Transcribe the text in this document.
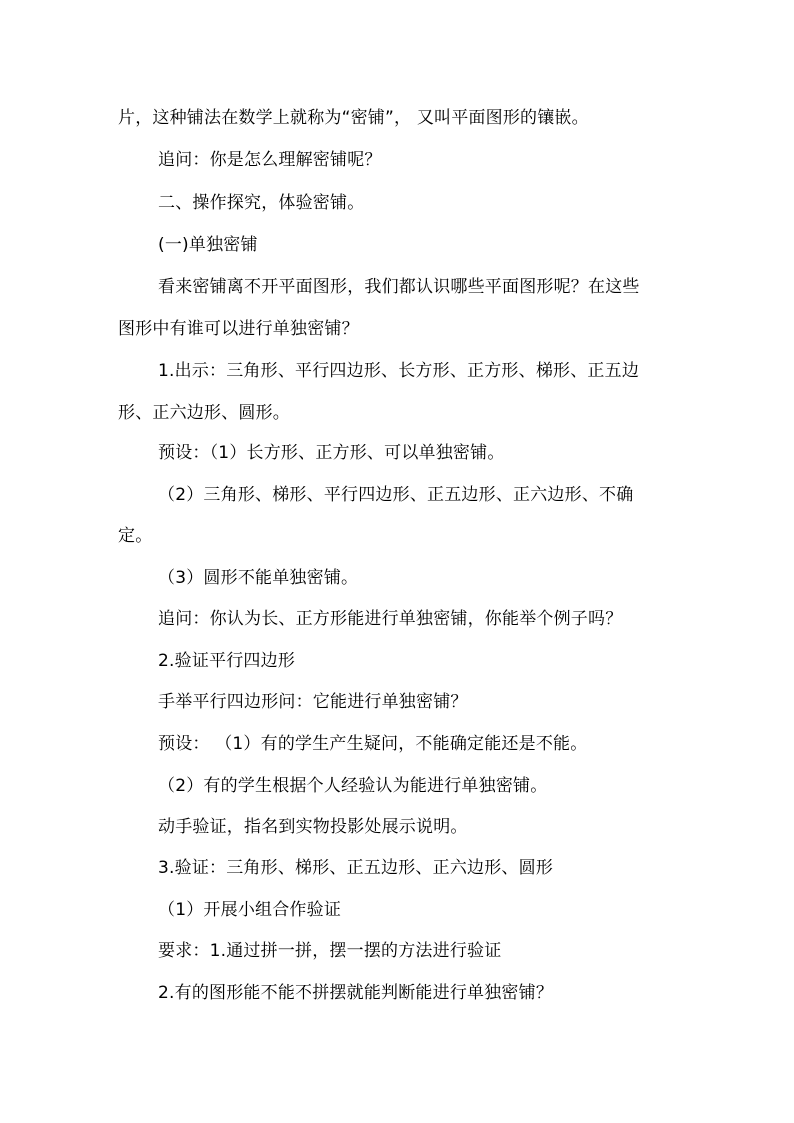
片，这种铺法在数学上就称为“密铺”， 又叫平面图形的镶嵌。
追问：你是怎么理解密铺呢？
二、操作探究，体验密铺。
(一)单独密铺
看来密铺离不开平面图形，我们都认识哪些平面图形呢？在这些
图形中有谁可以进行单独密铺？
1.出示：三角形、平行四边形、长方形、正方形、梯形、正五边
形、正六边形、圆形。
预设：（1）长方形、正方形、可以单独密铺。
（2）三角形、梯形、平行四边形、正五边形、正六边形、不确
定。
（3）圆形不能单独密铺。
追问：你认为长、正方形能进行单独密铺，你能举个例子吗？
2.验证平行四边形
手举平行四边形问：它能进行单独密铺？
预设： （1）有的学生产生疑问，不能确定能还是不能。
（2）有的学生根据个人经验认为能进行单独密铺。
动手验证，指名到实物投影处展示说明。
3.验证：三角形、梯形、正五边形、正六边形、圆形
（1）开展小组合作验证
要求：1.通过拼一拼，摆一摆的方法进行验证
2.有的图形能不能不拼摆就能判断能进行单独密铺？
